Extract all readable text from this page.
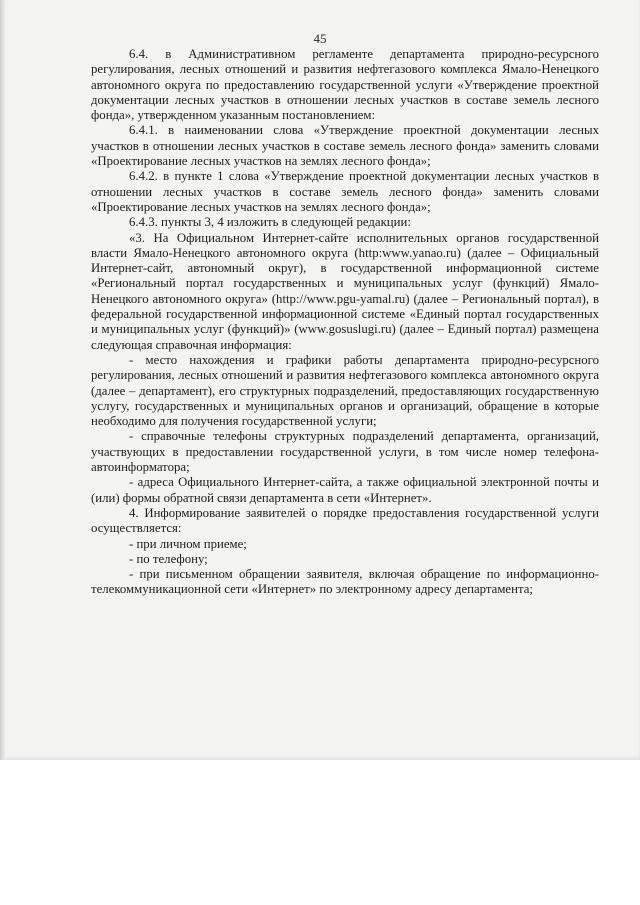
45

6.4. в Административном регламенте департамента природно-ресурсного регулирования, лесных отношений и развития нефтегазового комплекса Ямало-Ненецкого автономного округа по предоставлению государственной услуги «Утверждение проектной документации лесных участков в отношении лесных участков в составе земель лесного фонда», утвержденном указанным постановлением:

6.4.1. в наименовании слова «Утверждение проектной документации лесных участков в отношении лесных участков в составе земель лесного фонда» заменить словами «Проектирование лесных участков на землях лесного фонда»;

6.4.2. в пункте 1 слова «Утверждение проектной документации лесных участков в отношении лесных участков в составе земель лесного фонда» заменить словами «Проектирование лесных участков на землях лесного фонда»;

6.4.3. пункты 3, 4 изложить в следующей редакции:

«3. На Официальном Интернет-сайте исполнительных органов государственной власти Ямало-Ненецкого автономного округа (http:www.yanao.ru) (далее – Официальный Интернет-сайт, автономный округ), в государственной информационной системе «Региональный портал государственных и муниципальных услуг (функций) Ямало-Ненецкого автономного округа» (http://www.pgu-yamal.ru) (далее – Региональный портал), в федеральной государственной информационной системе «Единый портал государственных и муниципальных услуг (функций)» (www.gosuslugi.ru) (далее – Единый портал) размещена следующая справочная информация:

- место нахождения и графики работы департамента природно-ресурсного регулирования, лесных отношений и развития нефтегазового комплекса автономного округа (далее – департамент), его структурных подразделений, предоставляющих государственную услугу, государственных и муниципальных органов и организаций, обращение в которые необходимо для получения государственной услуги;

- справочные телефоны структурных подразделений департамента, организаций, участвующих в предоставлении государственной услуги, в том числе номер телефона-автоинформатора;

- адреса Официального Интернет-сайта, а также официальной электронной почты и (или) формы обратной связи департамента в сети «Интернет».

4. Информирование заявителей о порядке предоставления государственной услуги осуществляется:

- при личном приеме;

- по телефону;

- при письменном обращении заявителя, включая обращение по информационно-телекоммуникационной сети «Интернет» по электронному адресу департамента;
